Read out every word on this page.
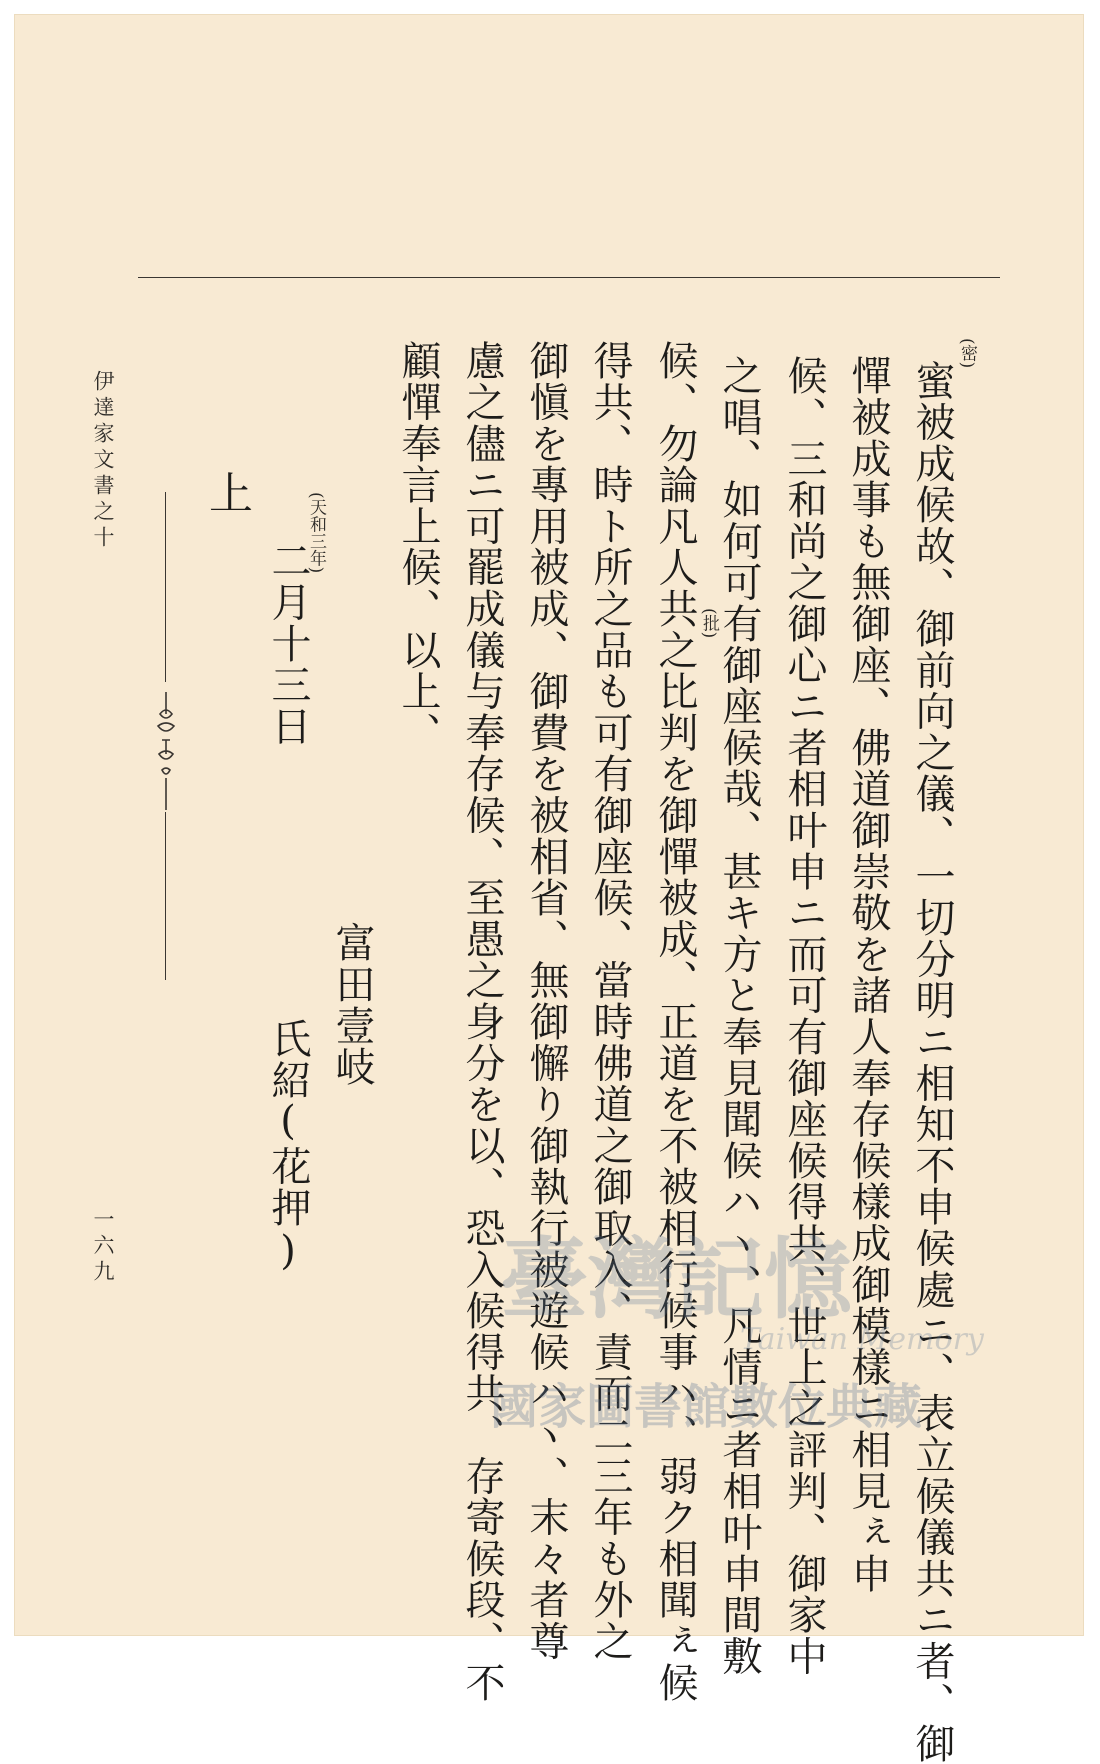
伊達家文書之十
一六九
(密)
(批)	蜜被成候故、御前向之儀、一切分明ニ相知不申候處ニ、表立候儀共ニ者、御
憚被成事も無御座、佛道御崇敬を諸人奉存候樣成御模樣ニ相見ぇ申
候、三和尚之御心ニ者相叶申ニ而可有御座候得共、世上之評判、御家中
之唱、如何可有御座候哉、甚キ方と奉見聞候ハヽ、凡情ニ者相叶申間敷
候、勿論凡人共之比判を御憚被成、正道を不被相行候事ハ、弱ク相聞ぇ候
得共、時ト所之品も可有御座候、當時佛道之御取入、責而二三年も外之
御愼を專用被成、御費を被相省、無御懈り御執行被遊候ハヽ、末々者尊
慮之儘ニ可罷成儀与奉存候、至愚之身分を以、恐入候得共、存寄候段、不
顧憚奉言上候、以上、
富田壹岐
氏紹
(花押)
(天和三年)
二月十三日
上
臺灣記憶
Taiwan Memory
國家圖書館數位典藏
